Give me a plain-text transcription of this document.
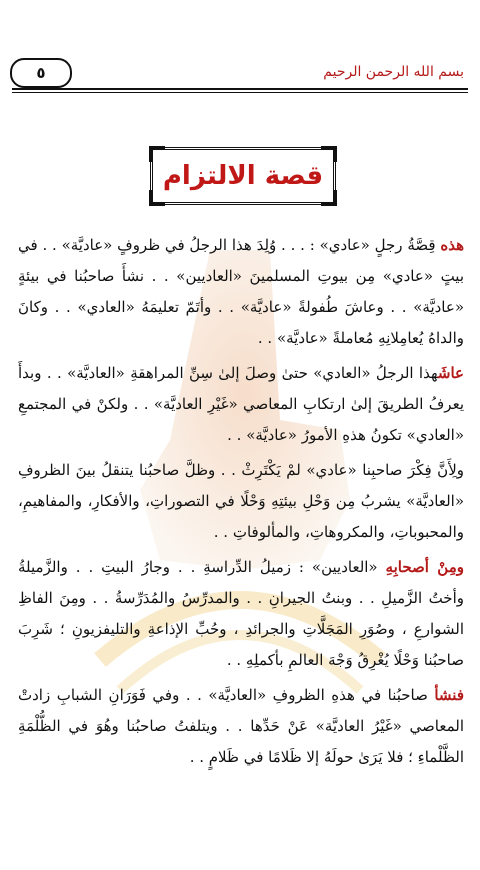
بسم الله الرحمن الرحيم
٥
قصة الالتزام

هذه قِصَّةُ رجلٍ «عادي» : . . . وُلِدَ هذا الرجلُ في ظروفٍ «عاديَّة» . . في بيتٍ «عادي» مِن بيوتِ المسلمينَ «العاديين» . . نشأَ صاحبُنا في بيئةٍ «عاديَّة» . . وعاشَ طُفولةً «عاديَّة» . . وأتَمّ تعليمَهُ «العادي» . . وكانَ والداهُ يُعامِلانِهِ مُعاملةً «عاديَّة» . .

عاشَهذا الرجلُ «العادي» حتىٰ وصلَ إلىٰ سِنِّ المراهقةِ «العاديَّة» . . وبدأَ يعرفُ الطريقَ إلىٰ ارتكابِ المعاصي «غَيْرِ العاديَّة» . . ولكنْ في المجتمعِ «العادي» تكونُ هذهِ الأمورُ «عاديَّة» . .

ولِأَنَّ فِكْرَ صاحبِنا «عادي» لمْ يَكْتَرِثْ . . وظلَّ صاحبُنا يتنقلُ بينَ الظروفِ «العاديَّة» يشربُ مِن وَحْلِ بيئتِهِ وَحْلًا في التصوراتِ، والأفكارِ، والمفاهيمِ، والمحبوباتِ، والمكروهاتِ، والمألوفاتِ . .

ومِنْ أصحابِهِ «العاديين» : زميلُ الدِّراسةِ . . وجارُ البيتِ . . والزَّميلةُ وأختُ الزَّميلِ . . وبنتُ الجيرانِ . . والمدرِّسُ والمُدَرِّسةُ . . ومِنَ الفاظِ الشوارعِ ، وصُوَرِ المَجَلَّاتِ والجرائدِ ، وحُبِّ الإذاعةِ والتليفزيونِ ؛ شَرِبَ صاحبُنا وَحْلًا يُغْرِقُ وَجْهَ العالمِ بأكملِهِ . .

فنشأ صاحبُنا في هذهِ الظروفِ «العاديَّة» . . وفي فَوَرَانِ الشبابِ زادتْ المعاصي «غَيْرُ العاديَّة» عَنْ حَدِّها . . ويتلفتُ صاحبُنا وهُوَ في الظُّلْمَةِ الظَّلْماءِ ؛ فلا يَرَىٰ حولَهُ إلا ظَلامًا في ظَلامٍ . .
